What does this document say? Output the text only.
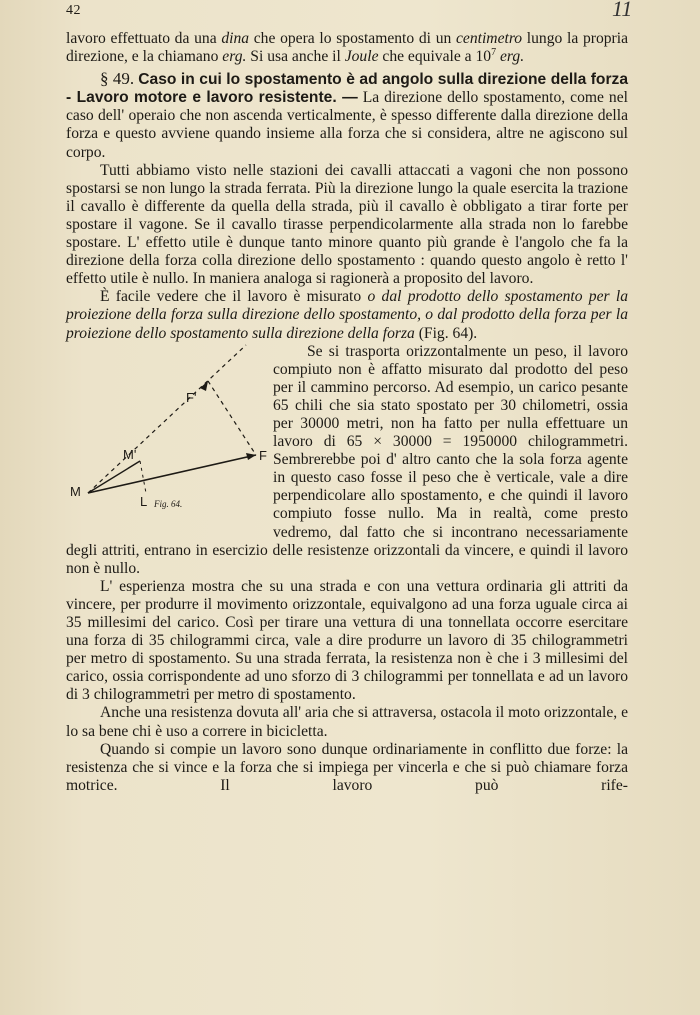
42	11

lavoro effettuato da una dina che opera lo spostamento di un centimetro lungo la propria direzione, e la chiamano erg. Si usa anche il Joule che equivale a $10^7$ erg.

§ 49. Caso in cui lo spostamento è ad angolo sulla direzione della forza - Lavoro motore e lavoro resistente. — La direzione dello spostamento, come nel caso dell' operaio che non ascenda verticalmente, è spesso differente dalla direzione della forza e questo avviene quando insieme alla forza che si considera, altre ne agiscono sul corpo.

Tutti abbiamo visto nelle stazioni dei cavalli attaccati a vagoni che non possono spostarsi se non lungo la strada ferrata. Più la direzione lungo la quale esercita la trazione il cavallo è differente da quella della strada, più il cavallo è obbligato a tirar forte per spostare il vagone. Se il cavallo tirasse perpendicolarmente alla strada non lo farebbe spostare. L' effetto utile è dunque tanto minore quanto più grande è l'angolo che fa la direzione della forza colla direzione dello spostamento : quando questo angolo è retto l' effetto utile è nullo. In maniera analoga si ragionerà a proposito del lavoro.

È facile vedere che il lavoro è misurato o dal prodotto dello spostamento per la proiezione della forza sulla direzione dello spostamento, o dal prodotto della forza per la proiezione dello spostamento sulla direzione della forza (Fig. 64).

M
L
F
M'
F'
Fig. 64.

Se si trasporta orizzontalmente un peso, il lavoro compiuto non è affatto misurato dal prodotto del peso per il cammino percorso. Ad esempio, un carico pesante 65 chili che sia stato spostato per 30 chilometri, ossia per 30000 metri, non ha fatto per nulla effettuare un lavoro di 65 × 30000 = 1950000 chilogrammetri. Sembrerebbe poi d' altro canto che la sola forza agente in questo caso fosse il peso che è verticale, vale a dire perpendicolare allo spostamento, e che quindi il lavoro compiuto fosse nullo. Ma in realtà, come presto vedremo, dal fatto che si incontrano necessariamente degli attriti, entrano in esercizio delle resistenze orizzontali da vincere, e quindi il lavoro non è nullo.

L' esperienza mostra che su una strada e con una vettura ordinaria gli attriti da vincere, per produrre il movimento orizzontale, equivalgono ad una forza uguale circa ai 35 millesimi del carico. Così per tirare una vettura di una tonnellata occorre esercitare una forza di 35 chilogrammi circa, vale a dire produrre un lavoro di 35 chilogrammetri per metro di spostamento. Su una strada ferrata, la resistenza non è che i 3 millesimi del carico, ossia corrispondente ad uno sforzo di 3 chilogrammi per tonnellata e ad un lavoro di 3 chilogrammetri per metro di spostamento.

Anche una resistenza dovuta all' aria che si attraversa, ostacola il moto orizzontale, e lo sa bene chi è uso a correre in bicicletta.

Quando si compie un lavoro sono dunque ordinariamente in conflitto due forze: la resistenza che si vince e la forza che si impiega per vincerla e che si può chiamare forza motrice. Il lavoro può rife-
